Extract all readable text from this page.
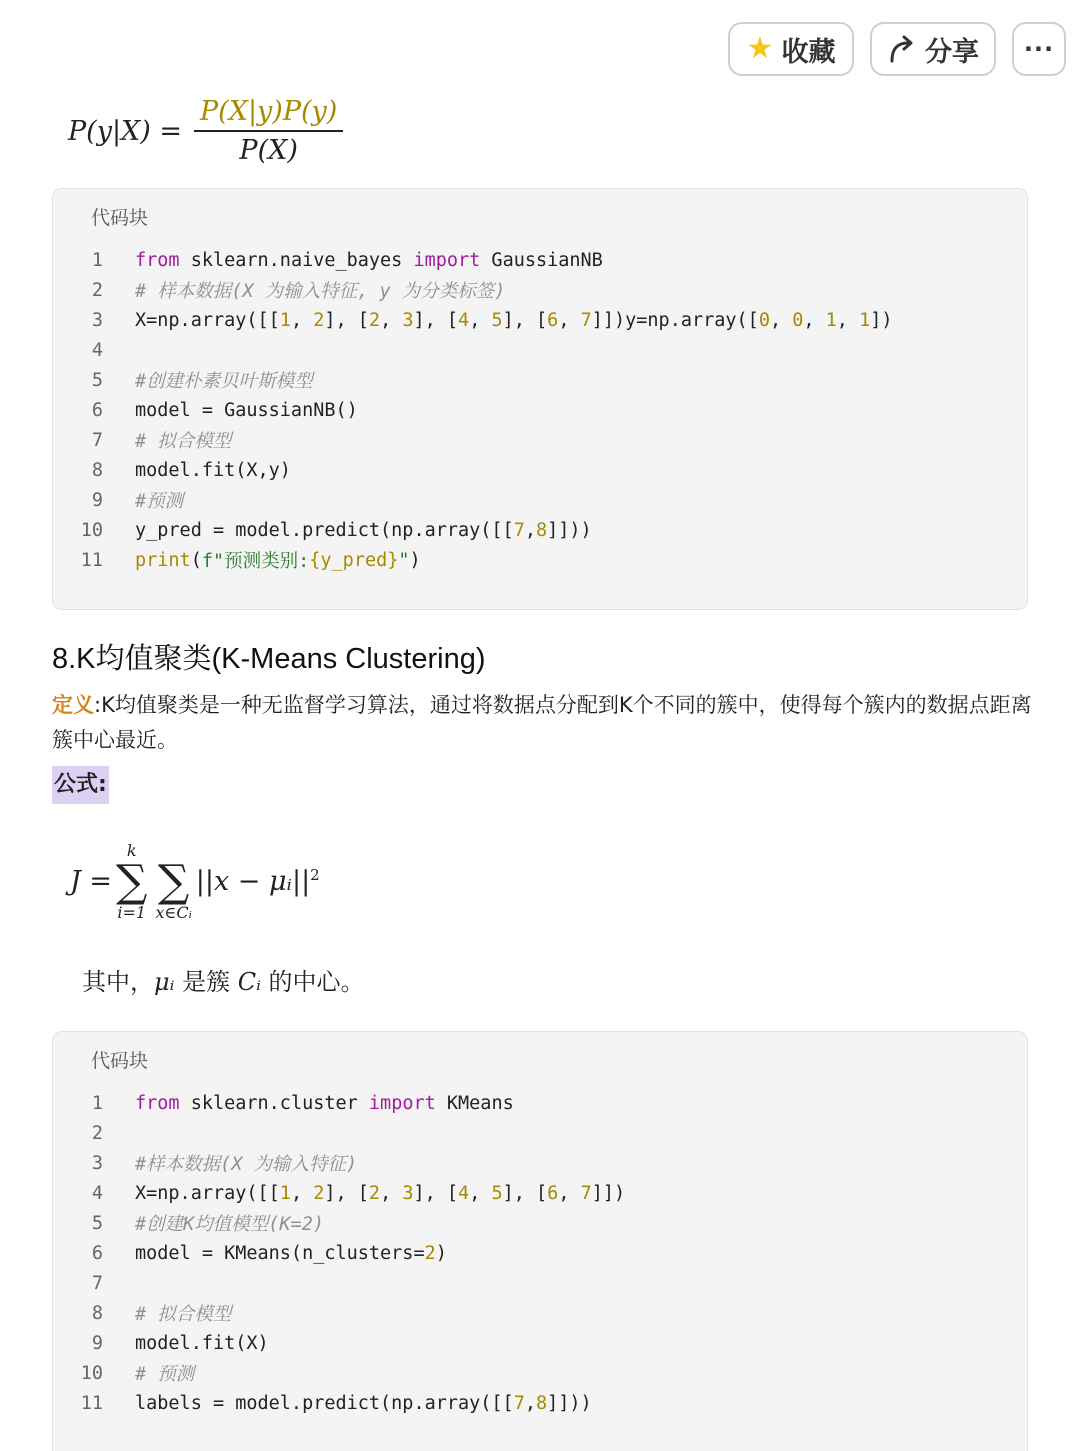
★ 收藏	分享 ···
$P(y|X) = \frac{P(X|y)P(y)}{P(X)}$
代码块
1 from sklearn.naive_bayes import GaussianNB
2 # 样本数据(X 为输入特征, y 为分类标签)
3 X=np.array([[ 1 , 2 ], [ 2 , 3 ], [ 4 , 5 ], [ 6 , 7 ]])y=np.array([ 0 , 0 , 1 , 1 ])
4
5 #创建朴素贝叶斯模型
6 model = GaussianNB()
7 # 拟合模型
8 model.fit(X,y)
9 #预测
10 y_pred = model.predict(np.array([[ 7 , 8 ]]))
11 print ( f"预测类别: {y_pred} " )
8.K均值聚类(K-Means Clustering)
定义:K均值聚类是一种无监督学习算法，通过将数据点分配到K个不同的簇中，使得每个簇内的数据点距离簇中心最近。
公式:
J =
k
∑
i=1
∑
x∈Cᵢ
$||x - \mu ᵢ||^2$
其中，μᵢ 是簇 Cᵢ 的中心。
代码块
1 from sklearn.cluster import KMeans
2
3 #样本数据(X 为输入特征)
4 X=np.array([[ 1 , 2 ], [ 2 , 3 ], [ 4 , 5 ], [ 6 , 7 ]])
5 #创建K均值模型(K=2)
6 model = KMeans(n_clusters= 2 )
7
8 # 拟合模型
9 model.fit(X)
10 # 预测
11 labels = model.predict(np.array([[ 7 , 8 ]]))
